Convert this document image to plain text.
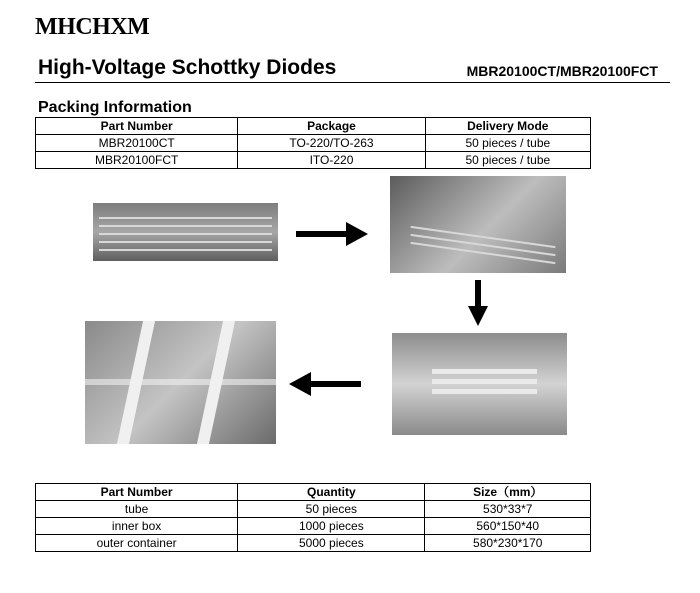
MHCHXM
High-Voltage Schottky Diodes	MBR20100CT/MBR20100FCT
Packing Information
Part Number	Package	Delivery Mode
MBR20100CT	TO-220/TO-263	50 pieces / tube
MBR20100FCT	ITO-220	50 pieces / tube
Part Number	Quantity	Size（mm）
tube	50 pieces	530*33*7
inner box	1000 pieces	560*150*40
outer container	5000 pieces	580*230*170
